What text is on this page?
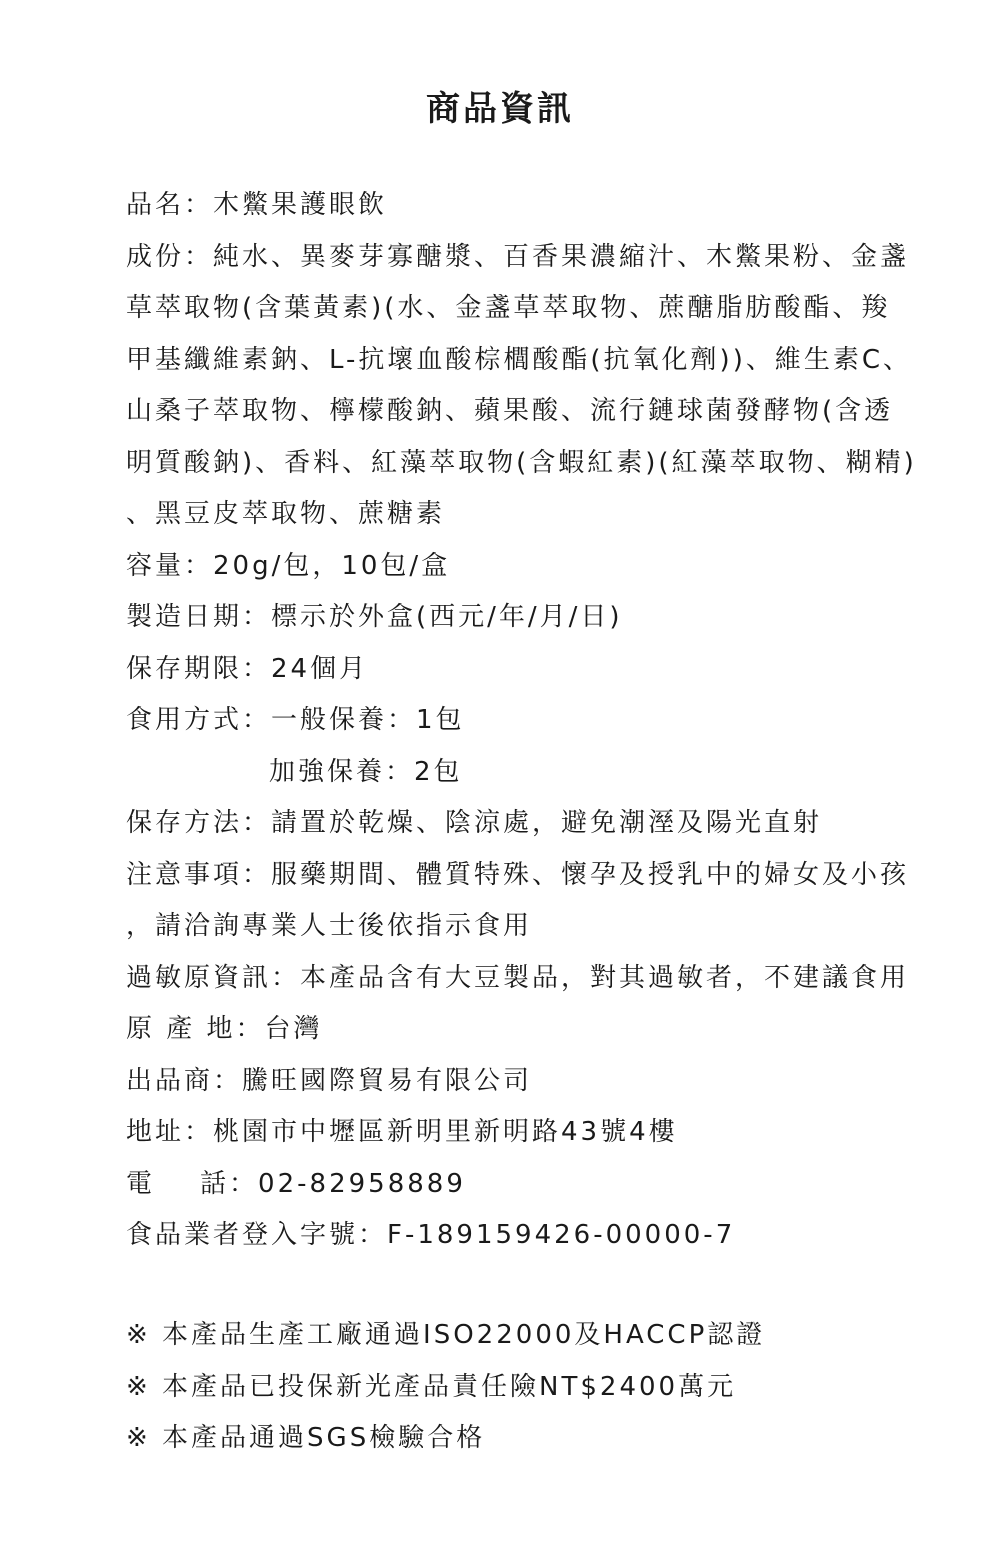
商品資訊
品名：木鱉果護眼飲
成份：純水、異麥芽寡醣漿、百香果濃縮汁、木鱉果粉、金盞
草萃取物(含葉黃素)(水、金盞草萃取物、蔗醣脂肪酸酯、羧
甲基纖維素鈉、L-抗壞血酸棕櫚酸酯(抗氧化劑))、維生素C、
山桑子萃取物、檸檬酸鈉、蘋果酸、流行鏈球菌發酵物(含透
明質酸鈉)、香料、紅藻萃取物(含蝦紅素)(紅藻萃取物、糊精)
、黑豆皮萃取物、蔗糖素
容量：20g/包，10包/盒
製造日期：標示於外盒(西元/年/月/日)
保存期限：24個月
食用方式：一般保養：1包
加強保養：2包
保存方法：請置於乾燥、陰涼處，避免潮溼及陽光直射
注意事項：服藥期間、體質特殊、懷孕及授乳中的婦女及小孩
，請洽詢專業人士後依指示食用
過敏原資訊：本產品含有大豆製品，對其過敏者，不建議食用
原 產 地：台灣
出品商：騰旺國際貿易有限公司
地址：桃園市中壢區新明里新明路43號4樓
電    話：02-82958889
食品業者登入字號：F-189159426-00000-7
※ 本產品生產工廠通過ISO22000及HACCP認證
※ 本產品已投保新光產品責任險NT$2400萬元
※ 本產品通過SGS檢驗合格
